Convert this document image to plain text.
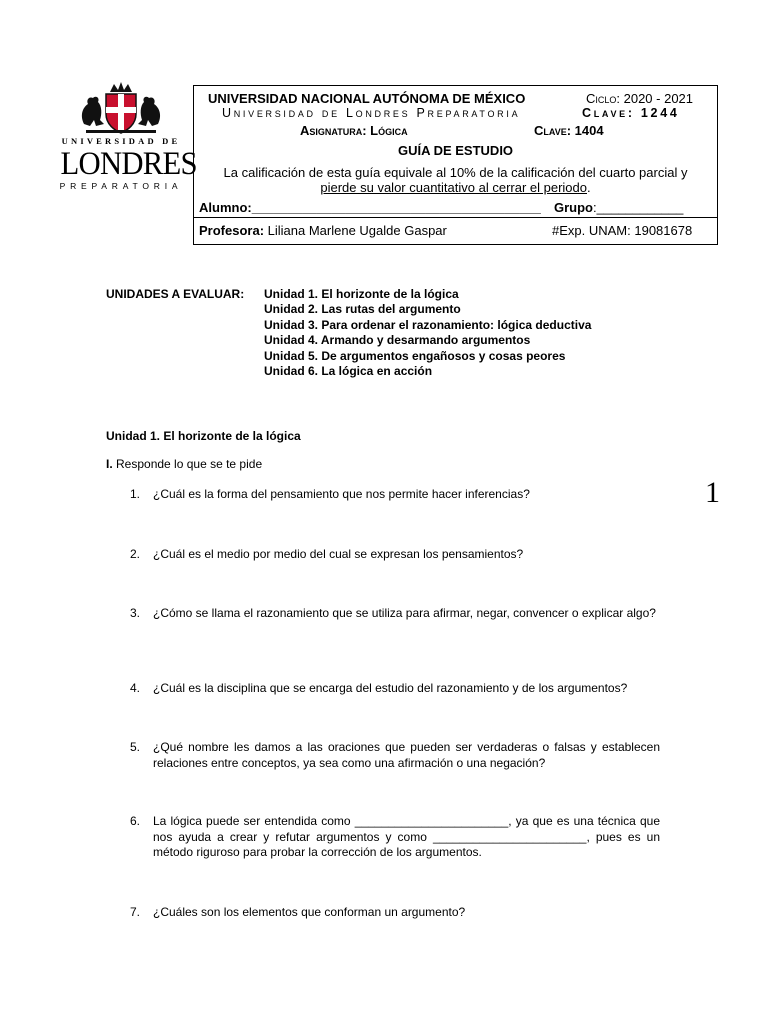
UNIVERSIDAD DE
LONDRES
PREPARATORIA
UNIVERSIDAD NACIONAL AUTÓNOMA DE MÉXICO	Ciclo: 2020 - 2021
Universidad de Londres Preparatoria	Clave: 1244
Asignatura: Lógica	Clave: 1404
GUÍA DE ESTUDIO
La calificación de esta guía equivale al 10% de la calificación del cuarto parcial y
pierde su valor cuantitativo al cerrar el periodo.
Alumno:________________________________________ Grupo:____________
Profesora: Liliana Marlene Ugalde Gaspar	#Exp. UNAM: 19081678
UNIDADES A EVALUAR: Unidad 1. El horizonte de la lógica
Unidad 2. Las rutas del argumento
Unidad 3. Para ordenar el razonamiento: lógica deductiva
Unidad 4. Armando y desarmando argumentos
Unidad 5. De argumentos engañosos y cosas peores
Unidad 6. La lógica en acción
Unidad 1. El horizonte de la lógica
I. Responde lo que se te pide
1. ¿Cuál es la forma del pensamiento que nos permite hacer inferencias?
2. ¿Cuál es el medio por medio del cual se expresan los pensamientos?
3. ¿Cómo se llama el razonamiento que se utiliza para afirmar, negar, convencer o explicar algo?
4. ¿Cuál es la disciplina que se encarga del estudio del razonamiento y de los argumentos?
5. ¿Qué nombre les damos a las oraciones que pueden ser verdaderas o falsas y establecen relaciones entre conceptos, ya sea como una afirmación o una negación?
6. La lógica puede ser entendida como _______________________, ya que es una técnica que nos ayuda a crear y refutar argumentos y como _______________________, pues es un método riguroso para probar la corrección de los argumentos.
7. ¿Cuáles son los elementos que conforman un argumento?
1
